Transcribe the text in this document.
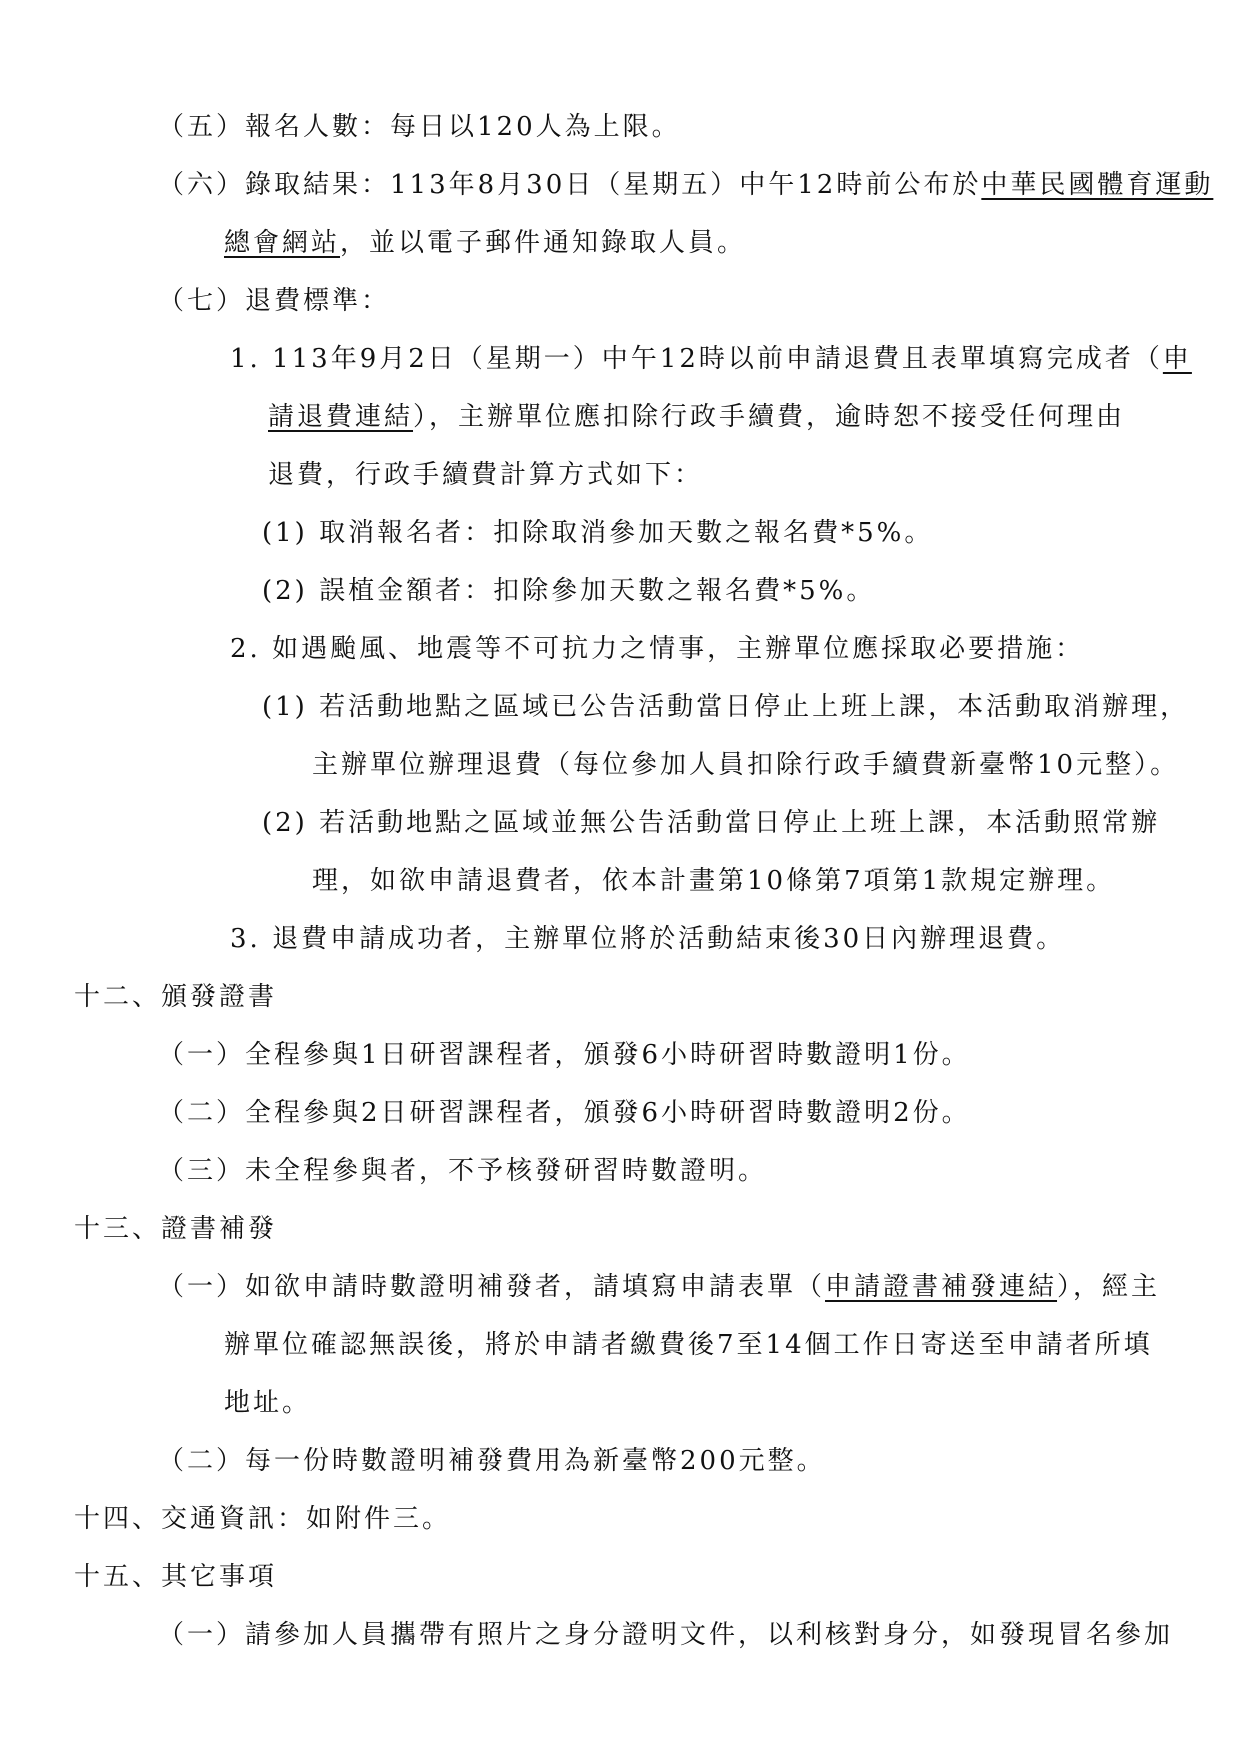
（五）報名人數：每日以120人為上限。
（六）錄取結果：113年8月30日（星期五）中午12時前公布於中華民國體育運動
總會網站，並以電子郵件通知錄取人員。
（七）退費標準：
1. 113年9月2日（星期一）中午12時以前申請退費且表單填寫完成者（申
請退費連結），主辦單位應扣除行政手續費，逾時恕不接受任何理由
退費，行政手續費計算方式如下：
(1) 取消報名者：扣除取消參加天數之報名費*5%。
(2) 誤植金額者：扣除參加天數之報名費*5%。
2. 如遇颱風、地震等不可抗力之情事，主辦單位應採取必要措施：
(1) 若活動地點之區域已公告活動當日停止上班上課，本活動取消辦理，
主辦單位辦理退費（每位參加人員扣除行政手續費新臺幣10元整）。
(2) 若活動地點之區域並無公告活動當日停止上班上課，本活動照常辦
理，如欲申請退費者，依本計畫第10條第7項第1款規定辦理。
3. 退費申請成功者，主辦單位將於活動結束後30日內辦理退費。
十二、頒發證書
（一）全程參與1日研習課程者，頒發6小時研習時數證明1份。
（二）全程參與2日研習課程者，頒發6小時研習時數證明2份。
（三）未全程參與者，不予核發研習時數證明。
十三、證書補發
（一）如欲申請時數證明補發者，請填寫申請表單（申請證書補發連結），經主
辦單位確認無誤後，將於申請者繳費後7至14個工作日寄送至申請者所填
地址。
（二）每一份時數證明補發費用為新臺幣200元整。
十四、交通資訊：如附件三。
十五、其它事項
（一）請參加人員攜帶有照片之身分證明文件，以利核對身分，如發現冒名參加
